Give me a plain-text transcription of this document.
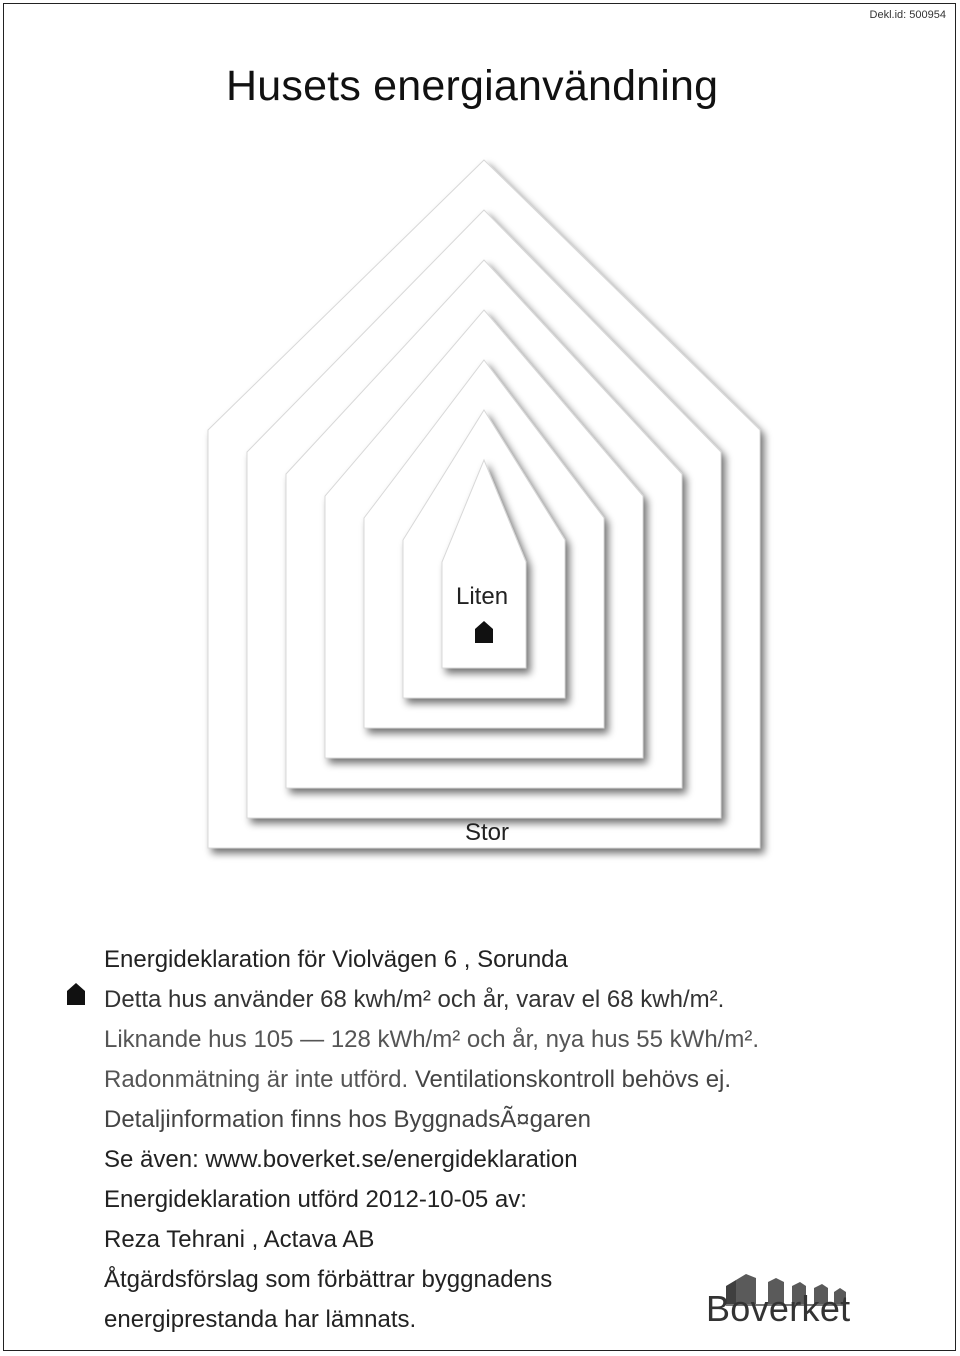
Dekl.id: 500954
Husets energianvändning
Liten
Stor
Energideklaration för Violvägen 6 , Sorunda
Detta hus använder 68 kwh/m² och år, varav el 68 kwh/m².
Liknande hus 105 — 128 kWh/m² och år, nya hus 55 kWh/m².
Radonmätning är inte utförd. Ventilationskontroll behövs ej.
Detaljinformation finns hos ByggnadsÃ¤garen
Se även: www.boverket.se/energideklaration
Energideklaration utförd 2012-10-05 av:
Reza Tehrani , Actava AB
Åtgärdsförslag som förbättrar byggnadens
energiprestanda har lämnats.	Boverket
